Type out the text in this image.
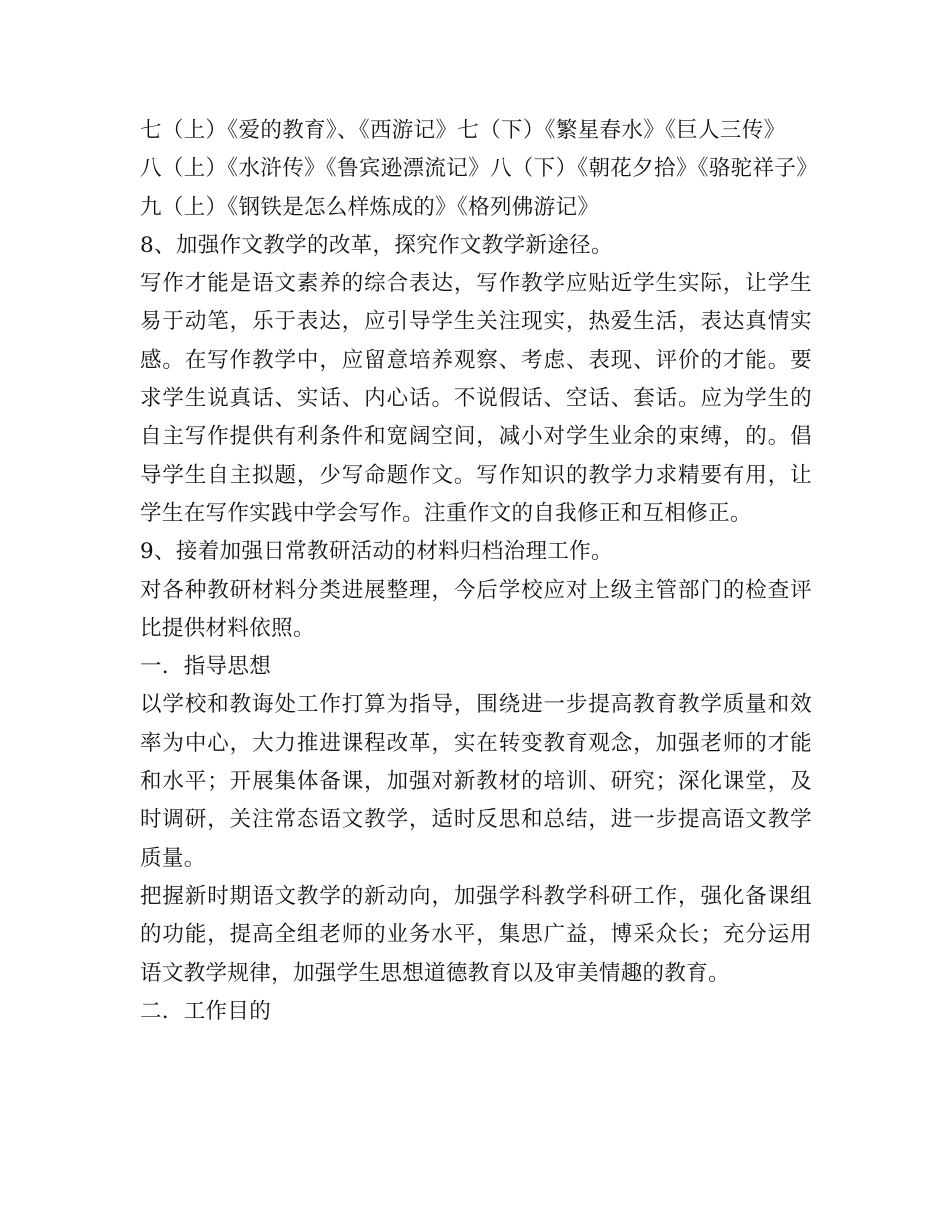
七（上）《爱的教育》、《西游记》七（下）《繁星春水》《巨人三传》

八（上）《水浒传》《鲁宾逊漂流记》八（下）《朝花夕拾》《骆驼祥子》

九（上）《钢铁是怎么样炼成的》《格列佛游记》

8、加强作文教学的改革，探究作文教学新途径。

写作才能是语文素养的综合表达，写作教学应贴近学生实际，让学生易于动笔，乐于表达，应引导学生关注现实，热爱生活，表达真情实感。在写作教学中，应留意培养观察、考虑、表现、评价的才能。要求学生说真话、实话、内心话。不说假话、空话、套话。应为学生的自主写作提供有利条件和宽阔空间，减小对学生业余的束缚，的。倡导学生自主拟题，少写命题作文。写作知识的教学力求精要有用，让学生在写作实践中学会写作。注重作文的自我修正和互相修正。

9、接着加强日常教研活动的材料归档治理工作。

对各种教研材料分类进展整理，今后学校应对上级主管部门的检查评比提供材料依照。

一．指导思想

以学校和教诲处工作打算为指导，围绕进一步提高教育教学质量和效率为中心，大力推进课程改革，实在转变教育观念，加强老师的才能和水平；开展集体备课，加强对新教材的培训、研究；深化课堂，及时调研，关注常态语文教学，适时反思和总结，进一步提高语文教学质量。

把握新时期语文教学的新动向，加强学科教学科研工作，强化备课组的功能，提高全组老师的业务水平，集思广益，博采众长；充分运用语文教学规律，加强学生思想道德教育以及审美情趣的教育。

二．工作目的
